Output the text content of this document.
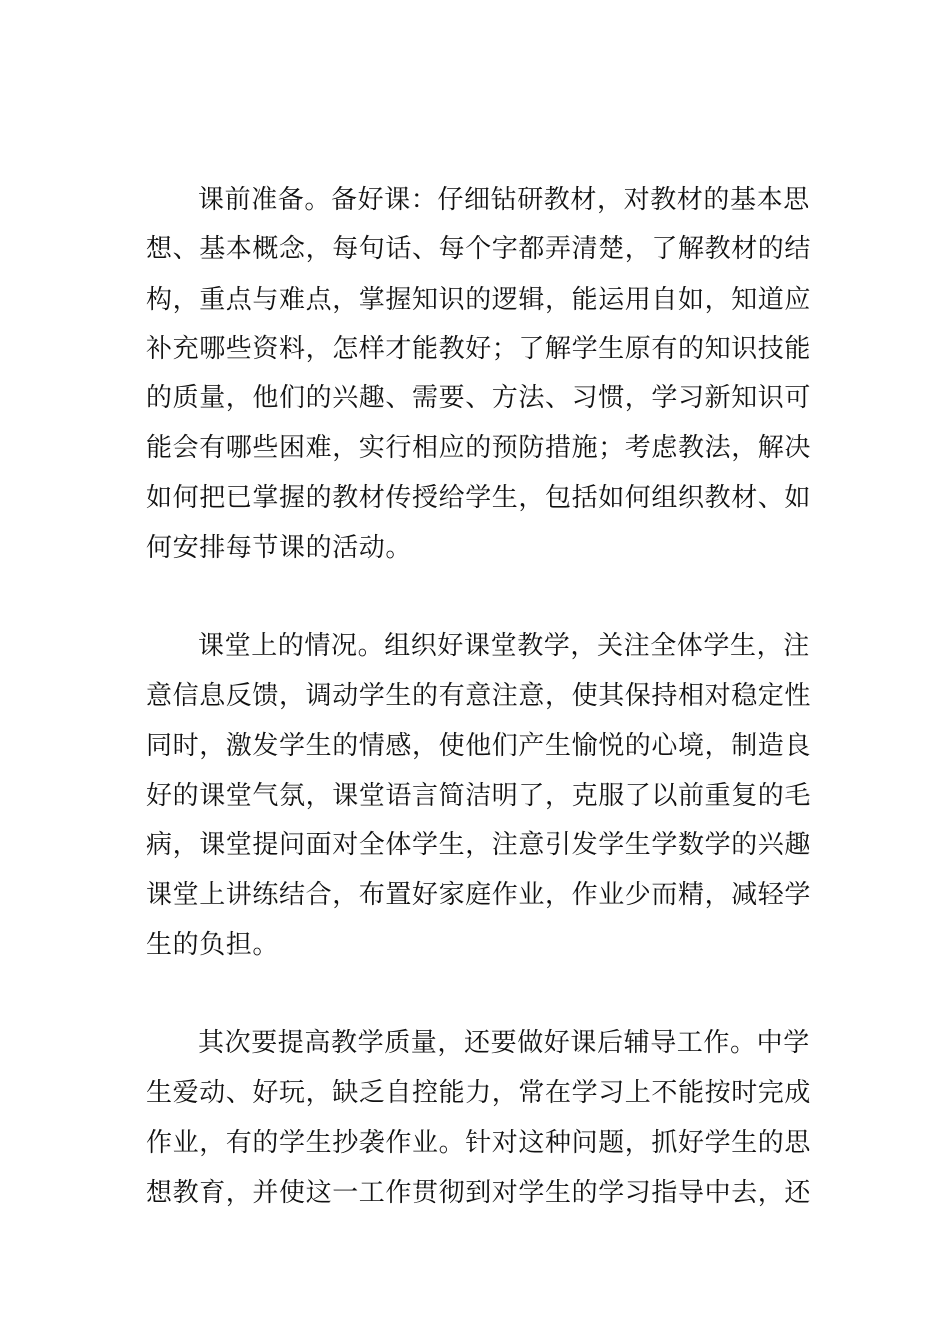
课前准备。备好课：仔细钻研教材，对教材的基本思

想、基本概念，每句话、每个字都弄清楚，了解教材的结

构，重点与难点，掌握知识的逻辑，能运用自如，知道应

补充哪些资料，怎样才能教好；了解学生原有的知识技能

的质量，他们的兴趣、需要、方法、习惯，学习新知识可

能会有哪些困难，实行相应的预防措施；考虑教法，解决

如何把已掌握的教材传授给学生，包括如何组织教材、如

何安排每节课的活动。

课堂上的情况。组织好课堂教学，关注全体学生，注

意信息反馈，调动学生的有意注意，使其保持相对稳定性

同时，激发学生的情感，使他们产生愉悦的心境，制造良

好的课堂气氛，课堂语言简洁明了，克服了以前重复的毛

病，课堂提问面对全体学生，注意引发学生学数学的兴趣

课堂上讲练结合，布置好家庭作业，作业少而精，减轻学

生的负担。

其次要提高教学质量，还要做好课后辅导工作。中学

生爱动、好玩，缺乏自控能力，常在学习上不能按时完成

作业，有的学生抄袭作业。针对这种问题，抓好学生的思

想教育，并使这一工作贯彻到对学生的学习指导中去，还
